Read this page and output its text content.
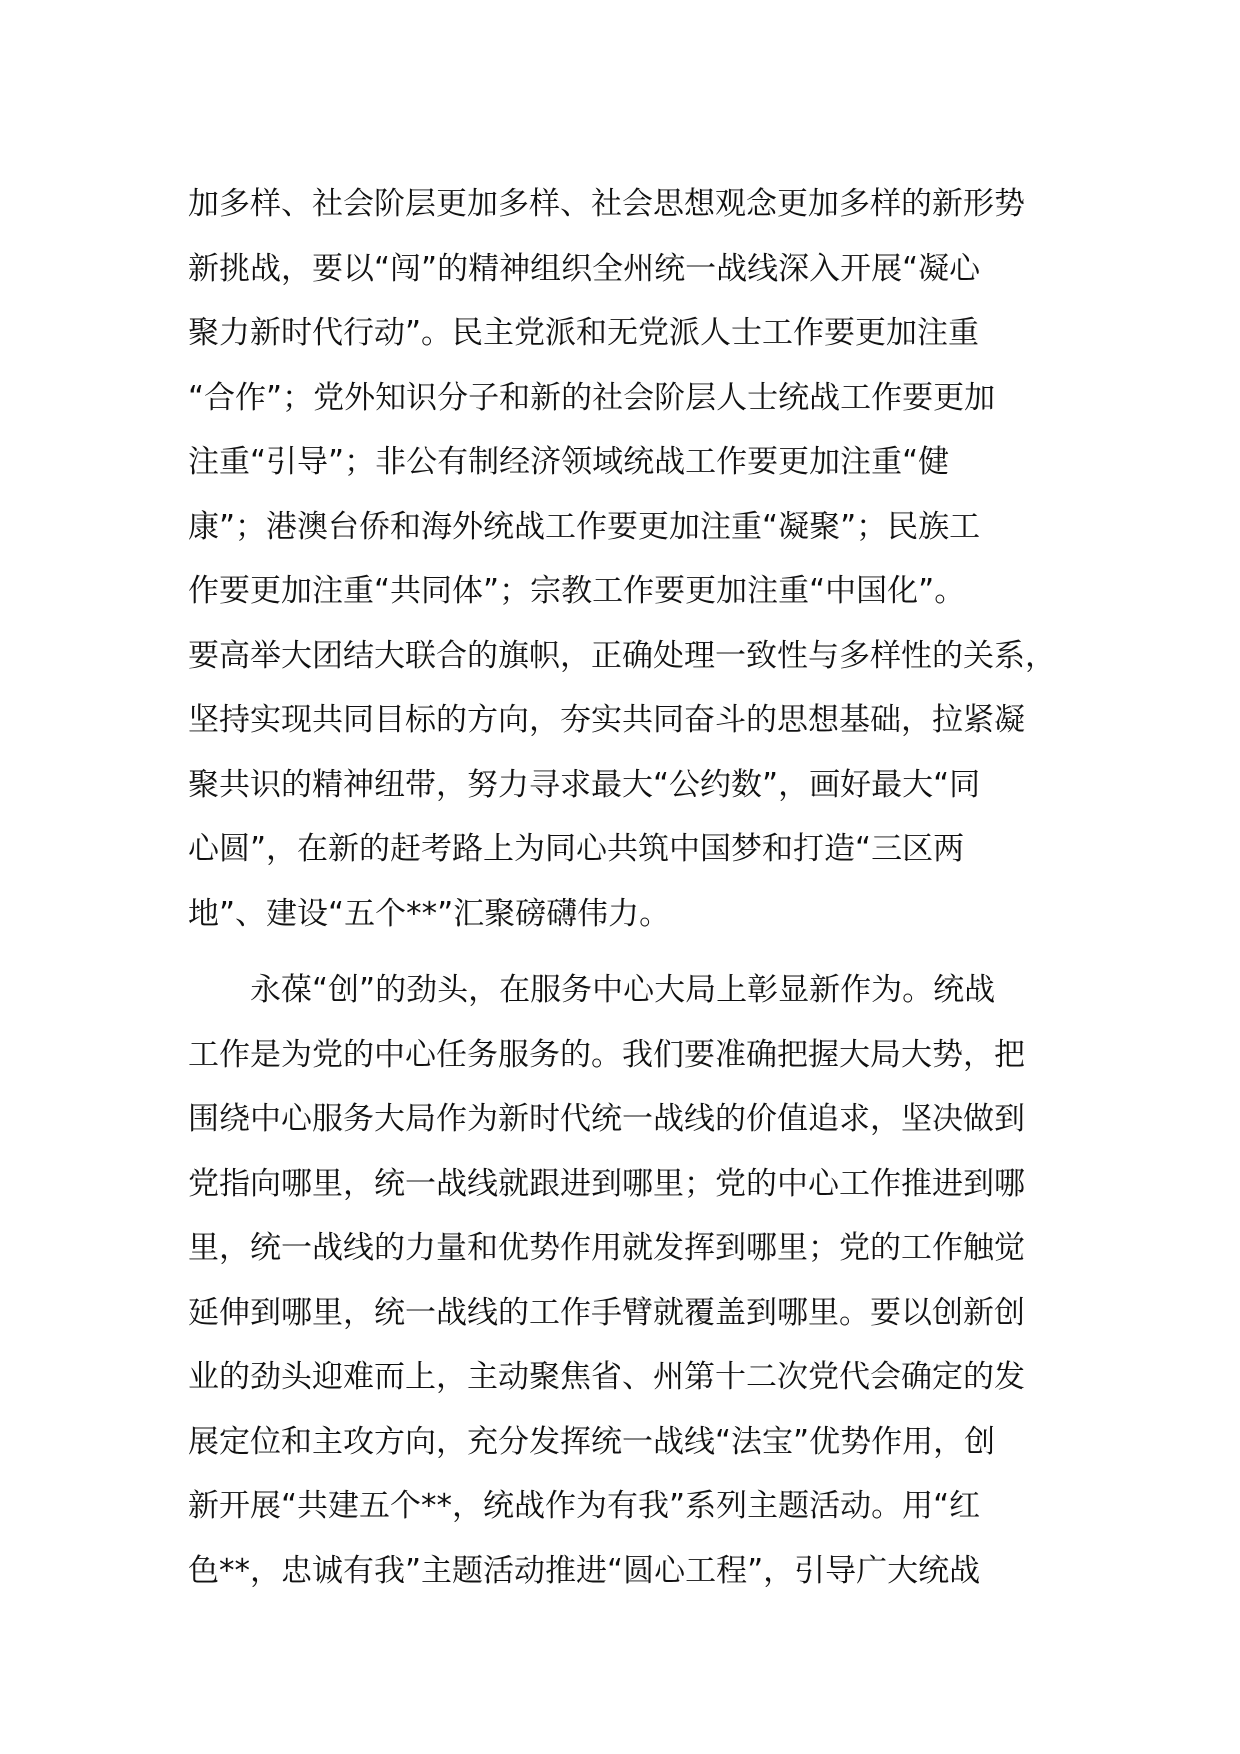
加多样、社会阶层更加多样、社会思想观念更加多样的新形势
新挑战，要以“闯”的精神组织全州统一战线深入开展“凝心
聚力新时代行动”。民主党派和无党派人士工作要更加注重
“合作”；党外知识分子和新的社会阶层人士统战工作要更加
注重“引导”；非公有制经济领域统战工作要更加注重“健
康”；港澳台侨和海外统战工作要更加注重“凝聚”；民族工
作要更加注重“共同体”；宗教工作要更加注重“中国化”。
要高举大团结大联合的旗帜，正确处理一致性与多样性的关系，
坚持实现共同目标的方向，夯实共同奋斗的思想基础，拉紧凝
聚共识的精神纽带，努力寻求最大“公约数”，画好最大“同
心圆”，在新的赶考路上为同心共筑中国梦和打造“三区两
地”、建设“五个**”汇聚磅礴伟力。
永葆“创”的劲头，在服务中心大局上彰显新作为。统战
工作是为党的中心任务服务的。我们要准确把握大局大势，把
围绕中心服务大局作为新时代统一战线的价值追求，坚决做到
党指向哪里，统一战线就跟进到哪里；党的中心工作推进到哪
里，统一战线的力量和优势作用就发挥到哪里；党的工作触觉
延伸到哪里，统一战线的工作手臂就覆盖到哪里。要以创新创
业的劲头迎难而上，主动聚焦省、州第十二次党代会确定的发
展定位和主攻方向，充分发挥统一战线“法宝”优势作用，创
新开展“共建五个**，统战作为有我”系列主题活动。用“红
色**，忠诚有我”主题活动推进“圆心工程”，引导广大统战
